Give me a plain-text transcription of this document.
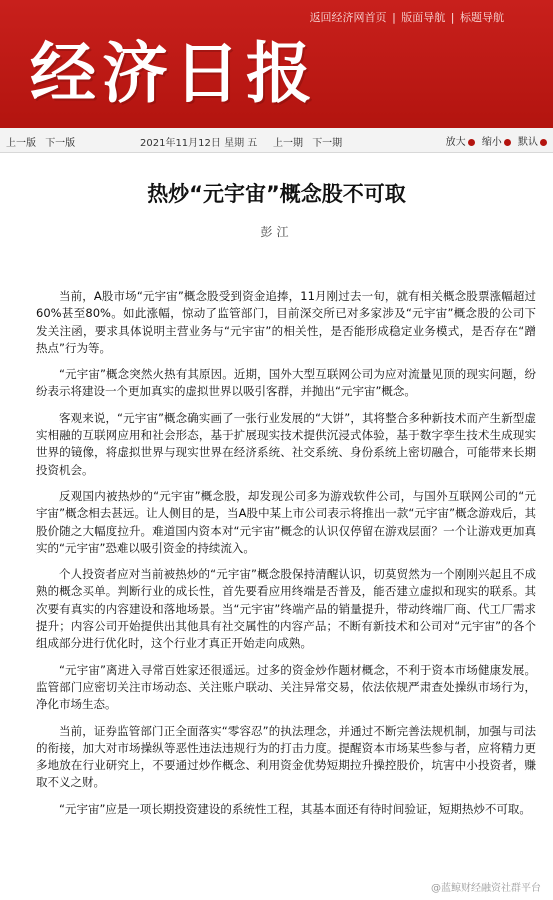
经济日报
返回经济网首页 | 版面导航 | 标题导航
上一版 下一版	2021年11月12日 星期 五 上一期 下一期	放大 缩小 默认
热炒“元宇宙”概念股不可取
彭江

当前，A股市场“元宇宙”概念股受到资金追捧，11月刚过去一旬，就有相关概念股票涨幅超过60%甚至80%。如此涨幅，惊动了监管部门，目前深交所已对多家涉及“元宇宙”概念股的公司下发关注函，要求具体说明主营业务与“元宇宙”的相关性，是否能形成稳定业务模式，是否存在“蹭热点”行为等。

“元宇宙”概念突然火热有其原因。近期，国外大型互联网公司为应对流量见顶的现实问题，纷纷表示将建设一个更加真实的虚拟世界以吸引客群，并抛出“元宇宙”概念。

客观来说，“元宇宙”概念确实画了一张行业发展的“大饼”，其将整合多种新技术而产生新型虚实相融的互联网应用和社会形态，基于扩展现实技术提供沉浸式体验，基于数字孪生技术生成现实世界的镜像，将虚拟世界与现实世界在经济系统、社交系统、身份系统上密切融合，可能带来长期投资机会。

反观国内被热炒的“元宇宙”概念股，却发现公司多为游戏软件公司，与国外互联网公司的“元宇宙”概念相去甚远。让人侧目的是，当A股中某上市公司表示将推出一款“元宇宙”概念游戏后，其股价随之大幅度拉升。难道国内资本对“元宇宙”概念的认识仅停留在游戏层面？一个让游戏更加真实的“元宇宙”恐难以吸引资金的持续流入。

个人投资者应对当前被热炒的“元宇宙”概念股保持清醒认识，切莫贸然为一个刚刚兴起且不成熟的概念买单。判断行业的成长性，首先要看应用终端是否普及，能否建立虚拟和现实的联系。其次要有真实的内容建设和落地场景。当“元宇宙”终端产品的销量提升，带动终端厂商、代工厂需求提升；内容公司开始提供出其他具有社交属性的内容产品；不断有新技术和公司对“元宇宙”的各个组成部分进行优化时，这个行业才真正开始走向成熟。

“元宇宙”离进入寻常百姓家还很遥远。过多的资金炒作题材概念，不利于资本市场健康发展。监管部门应密切关注市场动态、关注账户联动、关注异常交易，依法依规严肃查处操纵市场行为，净化市场生态。

当前，证券监管部门正全面落实“零容忍”的执法理念，并通过不断完善法规机制，加强与司法的衔接，加大对市场操纵等恶性违法违规行为的打击力度。提醒资本市场某些参与者，应将精力更多地放在行业研究上，不要通过炒作概念、利用资金优势短期拉升操控股价，坑害中小投资者，赚取不义之财。

“元宇宙”应是一项长期投资建设的系统性工程，其基本面还有待时间验证，短期热炒不可取。

@蓝鲸财经融资社群平台
